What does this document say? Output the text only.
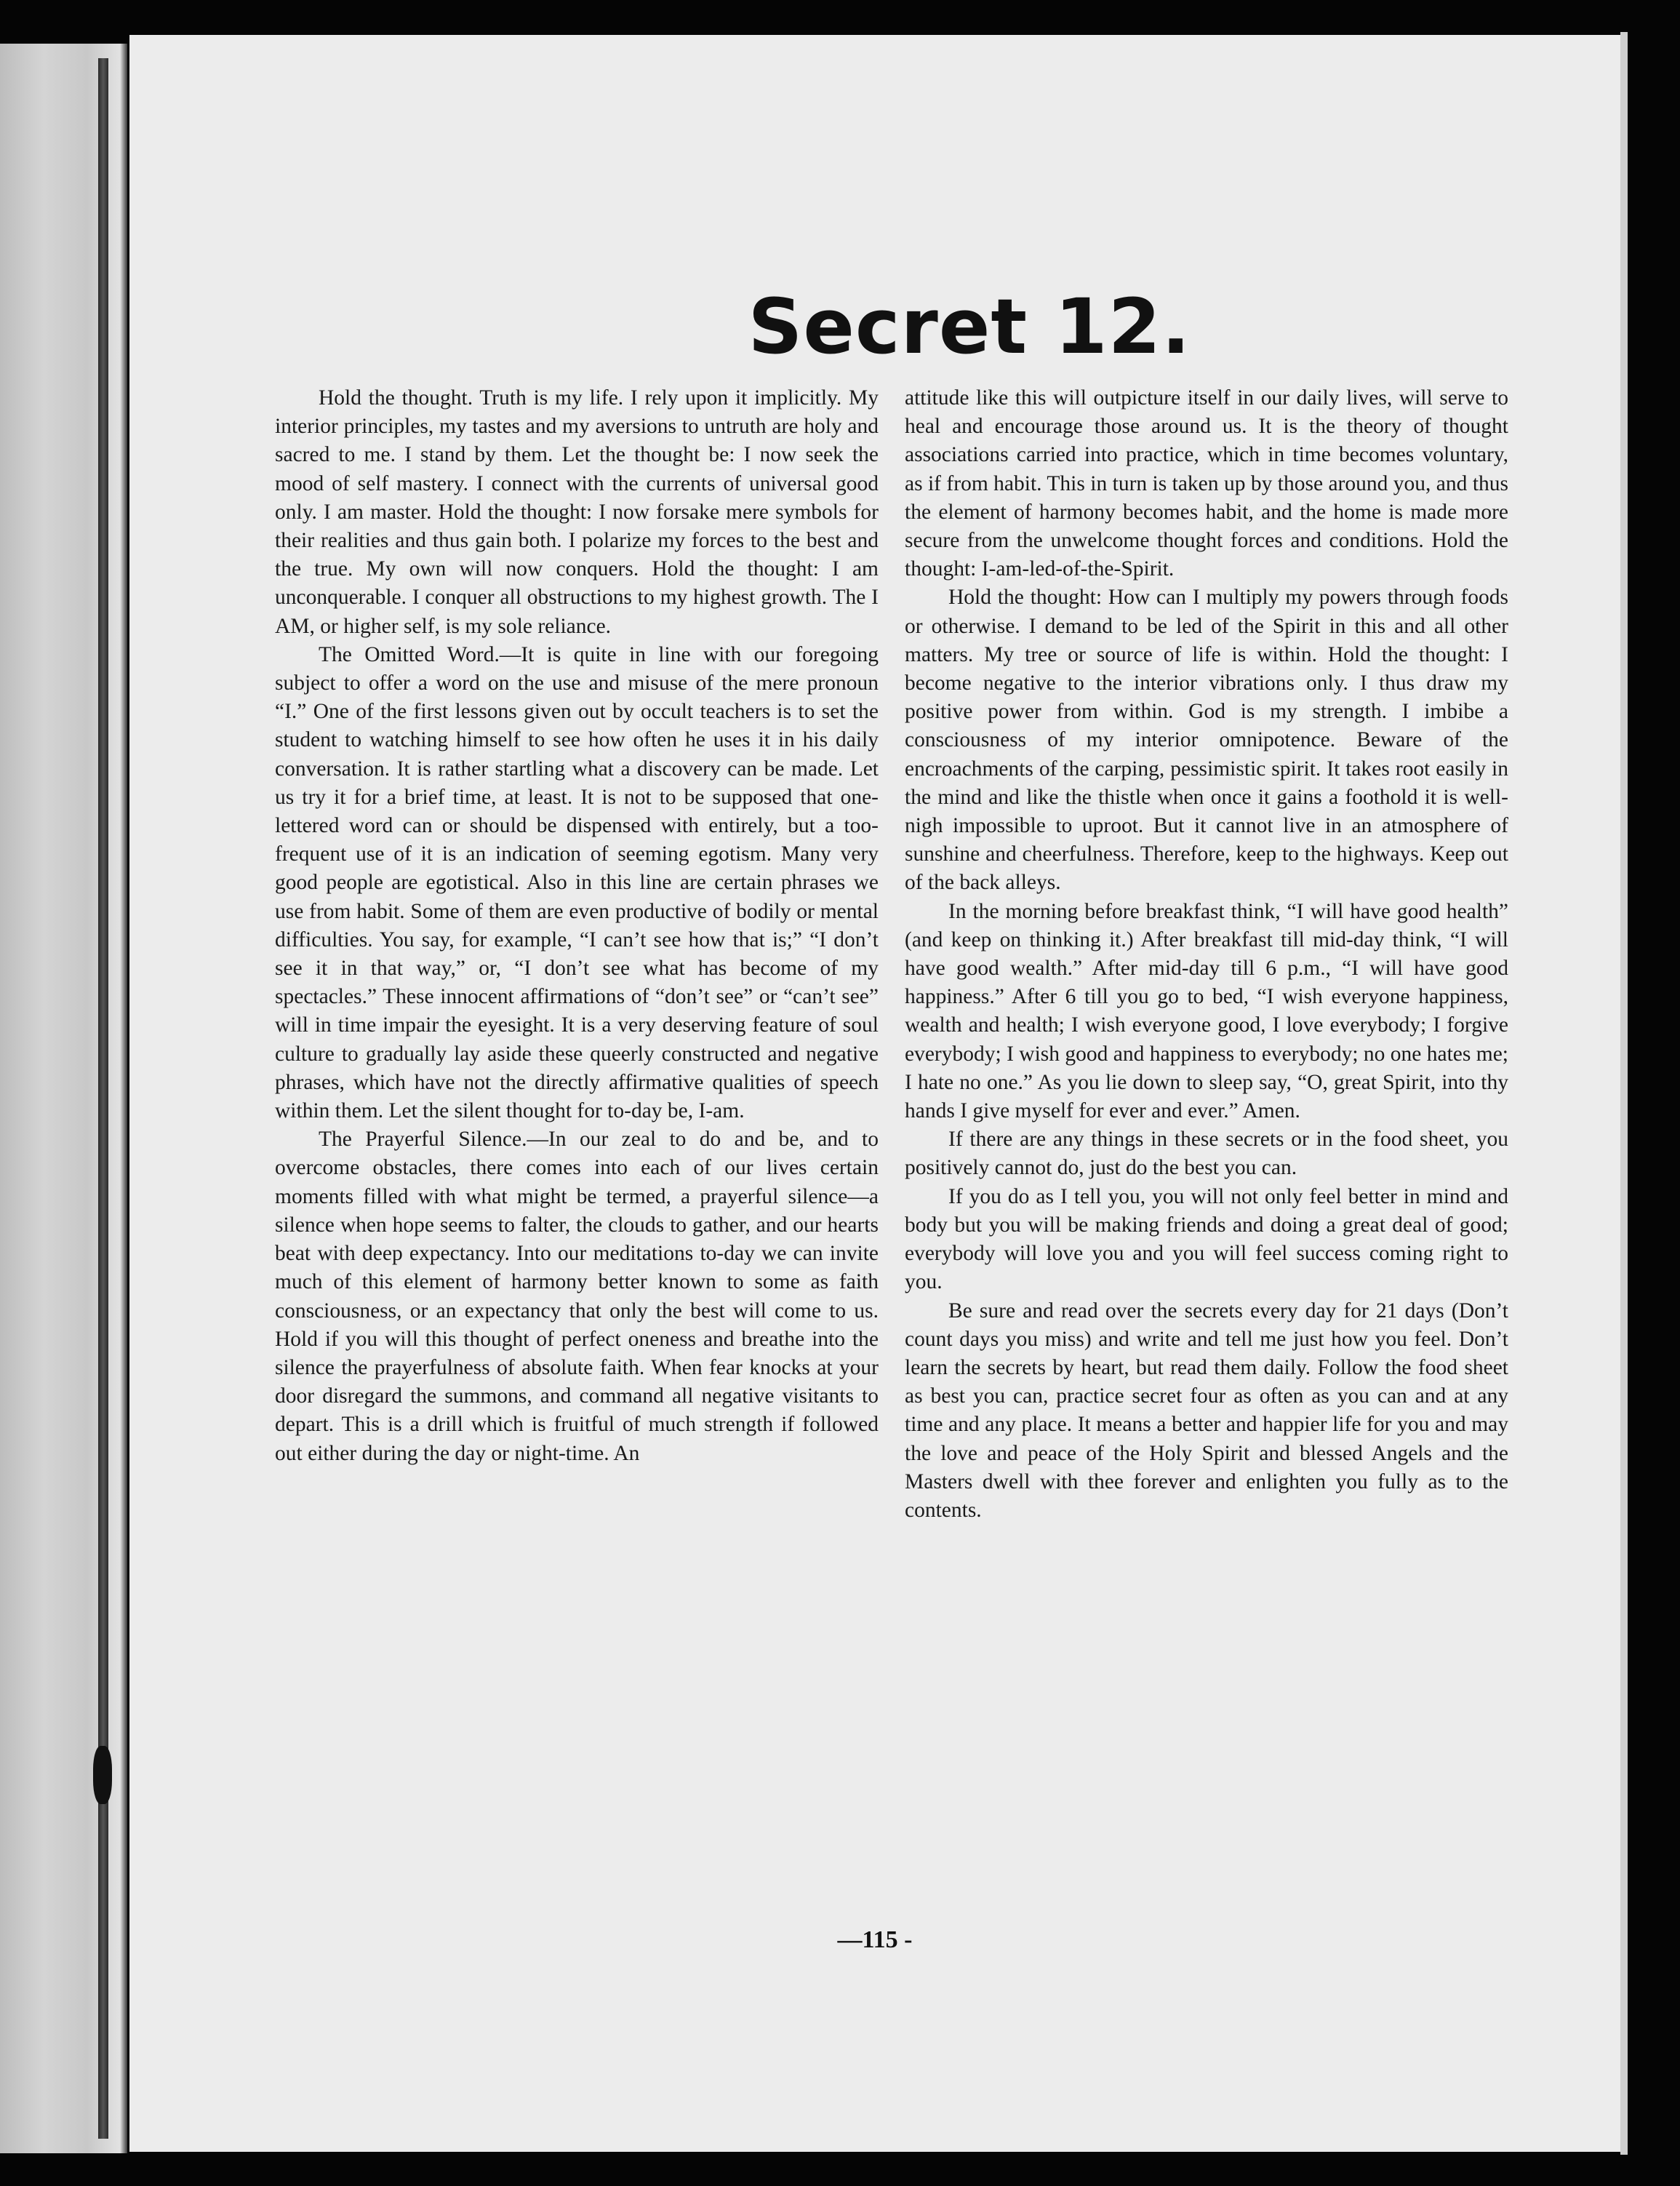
Secret 12.

Hold the thought. Truth is my life. I rely upon it implicitly. My interior principles, my tastes and my aversions to untruth are holy and sacred to me. I stand by them. Let the thought be: I now seek the mood of self mastery. I connect with the currents of universal good only. I am master. Hold the thought: I now forsake mere symbols for their realities and thus gain both. I polarize my forces to the best and the true. My own will now conquers. Hold the thought: I am unconquerable. I conquer all obstructions to my highest growth. The I AM, or higher self, is my sole reliance.

The Omitted Word.—It is quite in line with our foregoing subject to offer a word on the use and misuse of the mere pronoun “I.” One of the first lessons given out by occult teachers is to set the student to watching himself to see how often he uses it in his daily conversation. It is rather startling what a discovery can be made. Let us try it for a brief time, at least. It is not to be supposed that one-lettered word can or should be dispensed with entirely, but a too-frequent use of it is an indication of seeming egotism. Many very good people are egotistical. Also in this line are certain phrases we use from habit. Some of them are even productive of bodily or mental difficulties. You say, for example, “I can’t see how that is;” “I don’t see it in that way,” or, “I don’t see what has become of my spectacles.” These innocent affirmations of “don’t see” or “can’t see” will in time impair the eyesight. It is a very deserving feature of soul culture to gradually lay aside these queerly constructed and negative phrases, which have not the directly affirmative qualities of speech within them. Let the silent thought for to-day be, I-am.

The Prayerful Silence.—In our zeal to do and be, and to overcome obstacles, there comes into each of our lives certain moments filled with what might be termed, a prayerful silence—a silence when hope seems to falter, the clouds to gather, and our hearts beat with deep expectancy. Into our meditations to-day we can invite much of this element of harmony better known to some as faith consciousness, or an expectancy that only the best will come to us. Hold if you will this thought of perfect oneness and breathe into the silence the prayerfulness of absolute faith. When fear knocks at your door disregard the summons, and command all negative visitants to depart. This is a drill which is fruitful of much strength if followed out either during the day or night-time. An

attitude like this will outpicture itself in our daily lives, will serve to heal and encourage those around us. It is the theory of thought associations carried into practice, which in time becomes voluntary, as if from habit. This in turn is taken up by those around you, and thus the element of harmony becomes habit, and the home is made more secure from the unwelcome thought forces and conditions. Hold the thought: I-am-led-of-the-Spirit.

Hold the thought: How can I multiply my powers through foods or otherwise. I demand to be led of the Spirit in this and all other matters. My tree or source of life is within. Hold the thought: I become negative to the interior vibrations only. I thus draw my positive power from within. God is my strength. I imbibe a consciousness of my interior omnipotence. Beware of the encroachments of the carping, pessimistic spirit. It takes root easily in the mind and like the thistle when once it gains a foothold it is well-nigh impossible to uproot. But it cannot live in an atmosphere of sunshine and cheerfulness. Therefore, keep to the highways. Keep out of the back alleys.

In the morning before breakfast think, “I will have good health” (and keep on thinking it.) After breakfast till mid-day think, “I will have good wealth.” After mid-day till 6 p.m., “I will have good happiness.” After 6 till you go to bed, “I wish everyone happiness, wealth and health; I wish everyone good, I love everybody; I forgive everybody; I wish good and happiness to everybody; no one hates me; I hate no one.” As you lie down to sleep say, “O, great Spirit, into thy hands I give myself for ever and ever.” Amen.

If there are any things in these secrets or in the food sheet, you positively cannot do, just do the best you can.

If you do as I tell you, you will not only feel better in mind and body but you will be making friends and doing a great deal of good; everybody will love you and you will feel success coming right to you.

Be sure and read over the secrets every day for 21 days (Don’t count days you miss) and write and tell me just how you feel. Don’t learn the secrets by heart, but read them daily. Follow the food sheet as best you can, practice secret four as often as you can and at any time and any place. It means a better and happier life for you and may the love and peace of the Holy Spirit and blessed Angels and the Masters dwell with thee forever and enlighten you fully as to the contents.

—115 -
